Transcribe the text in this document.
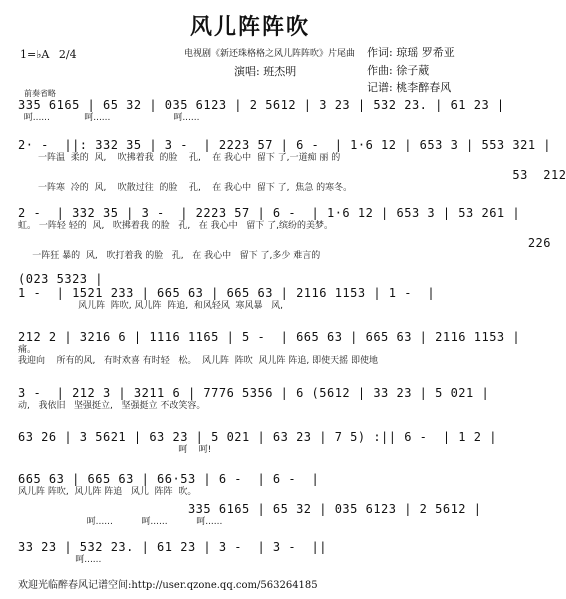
风儿阵阵吹
1=♭A 2/4	电视剧《新还珠格格之风儿阵阵吹》片尾曲 作词: 琼瑶 罗希亚
演唱: 班杰明	作曲: 徐子葳
记谱: 桃李醉春风
前奏省略
335 6165 | 65 32 | 035 6123 | 2 5612 | 3 23 | 532 23. | 61 23 |
呵......            呵......                      呵......
2· -  ||: 332 35 | 3 -  | 2223 57 | 6 -  | 1·6 12 | 653 3 | 553 321 |
一阵温  柔的  风,    吹拂着我  的脸    孔,    在 我心中  留下 了,一道痴 丽 的
53  212
一阵寒  冷的  风,    吹散过往  的脸    孔,    在 我心中  留下 了,  焦急 的寒冬。
2 -  | 332 35 | 3 -  | 2223 57 | 6 -  | 1·6 12 | 653 3 | 53 261 |
虹。 一阵轻 轻的  风,   吹拂着我 的脸   孔,   在 我心中   留下 了,缤纷的美梦。
226
一阵狂 暴的  风,   吹打着我 的脸   孔,   在 我心中   留下 了,多少 难言的
(023 5323 |
1 -  | 1521 233 | 665 63 | 665 63 | 2116 1153 | 1 -  |
风儿阵  阵吹, 风儿阵  阵追,  和风轻风  寒风暴   风,
212 2 | 3216 6 | 1116 1165 | 5 -  | 665 63 | 665 63 | 2116 1153 |
痛。
我迎向    所有的风,   有时欢喜 有时轻   松。  风儿阵  阵吹  风儿阵 阵追, 即使天摇 即使地
3 -  | 212 3 | 3211 6 | 7776 5356 | 6 (5612 | 33 23 | 5 021 |
动,   我依旧   坚强挺立,   坚强挺立 不改笑容。
63 26 | 3 5621 | 63 23 | 5 021 | 63 23 | 7 5) :|| 6 -  | 1 2 |
呵    呵!
665 63 | 665 63 | 66·53 | 6 -  | 6 -  |
风儿阵 阵吹,  风儿阵 阵追   风儿  阵阵  吹。
335 6165 | 65 32 | 035 6123 | 2 5612 |
呵......          呵......          呵......
33 23 | 532 23. | 61 23 | 3 -  | 3 -  ||
呵......
欢迎光临醉春风记谱空间:http://user.qzone.qq.com/563264185
